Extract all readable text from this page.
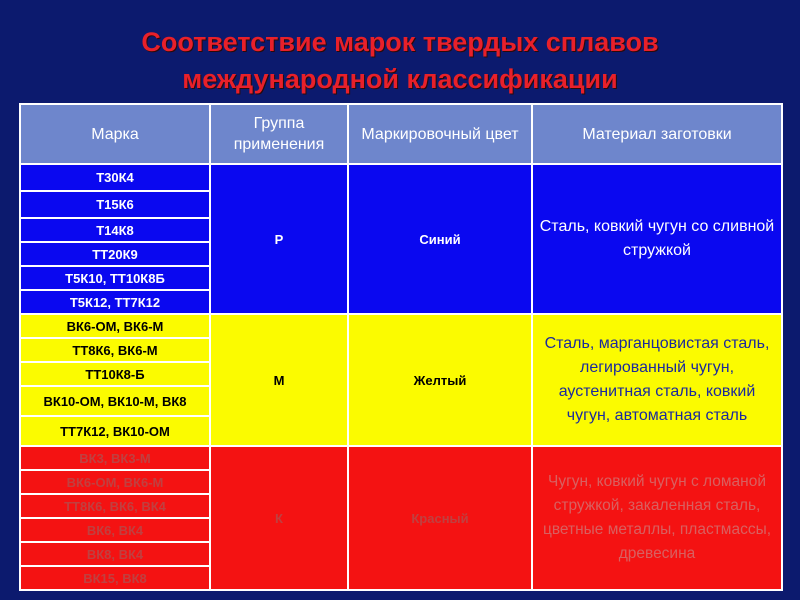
Соответствие марок твердых сплавов
международной классификации
Марка	Группа применения	Маркировочный цвет	Материал заготовки
Т30К4	Р	Синий	Сталь, ковкий чугун со сливной стружкой
Т15К6			
Т14К8			
ТТ20К9			
Т5К10, ТТ10К8Б			
Т5К12, ТТ7К12			
ВК6-ОМ, ВК6-М	М	Желтый	Сталь, марганцовистая сталь, легированный чугун, аустенитная сталь, ковкий чугун, автоматная сталь
ТТ8К6, ВК6-М			
ТТ10К8-Б			
ВК10-ОМ, ВК10-М, ВК8			
ТТ7К12, ВК10-ОМ			
ВК3, ВК3-М	К	Красный	Чугун, ковкий чугун с ломаной стружкой, закаленная сталь, цветные металлы, пластмассы, древесина
ВК6-ОМ, ВК6-М			
ТТ8К6, ВК6, ВК4			
ВК6, ВК4			
ВК8, ВК4			
ВК15, ВК8			
